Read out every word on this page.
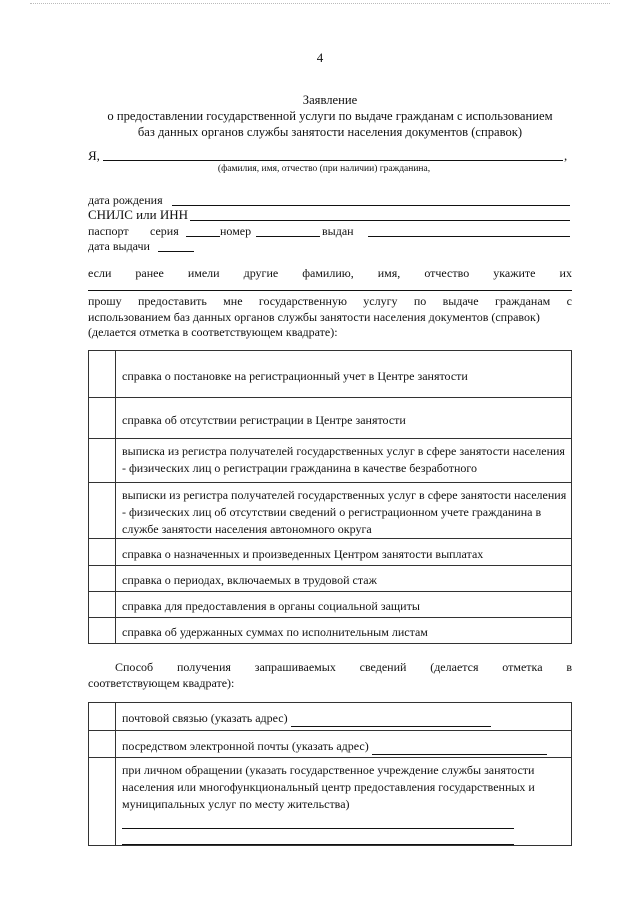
4
Заявление
о предоставлении государственной услуги по выдаче гражданам с использованием
баз данных органов службы занятости населения документов (справок)
Я,	,
(фамилия, имя, отчество (при наличии) гражданина,
дата рождения
СНИЛС или ИНН
паспорт серия	номер	выдан
дата выдачи
если ранее имели другие фамилию, имя, отчество укажите их
прошу предоставить мне государственную услугу по выдаче гражданам с
использованием баз данных органов службы занятости населения документов (справок)
(делается отметка в соответствующем квадрате):
	справка о постановке на регистрационный учет в Центре занятости
	справка об отсутствии регистрации в Центре занятости
	выписка из регистра получателей государственных услуг в сфере занятости населения - физических лиц о регистрации гражданина в качестве безработного
	выписки из регистра получателей государственных услуг в сфере занятости населения - физических лиц об отсутствии сведений о регистрационном учете гражданина в службе занятости населения автономного округа
	справка о назначенных и произведенных Центром занятости выплатах
	справка о периодах, включаемых в трудовой стаж
	справка для предоставления в органы социальной защиты
	справка об удержанных суммах по исполнительным листам
Способ получения запрашиваемых сведений (делается отметка в
соответствующем квадрате):
	почтовой связью (указать адрес)
	посредством электронной почты (указать адрес)

	при личном обращении (указать государственное учреждение службы занятости населения или многофункциональный центр предоставления государственных и муниципальных услуг по месту жительства)
